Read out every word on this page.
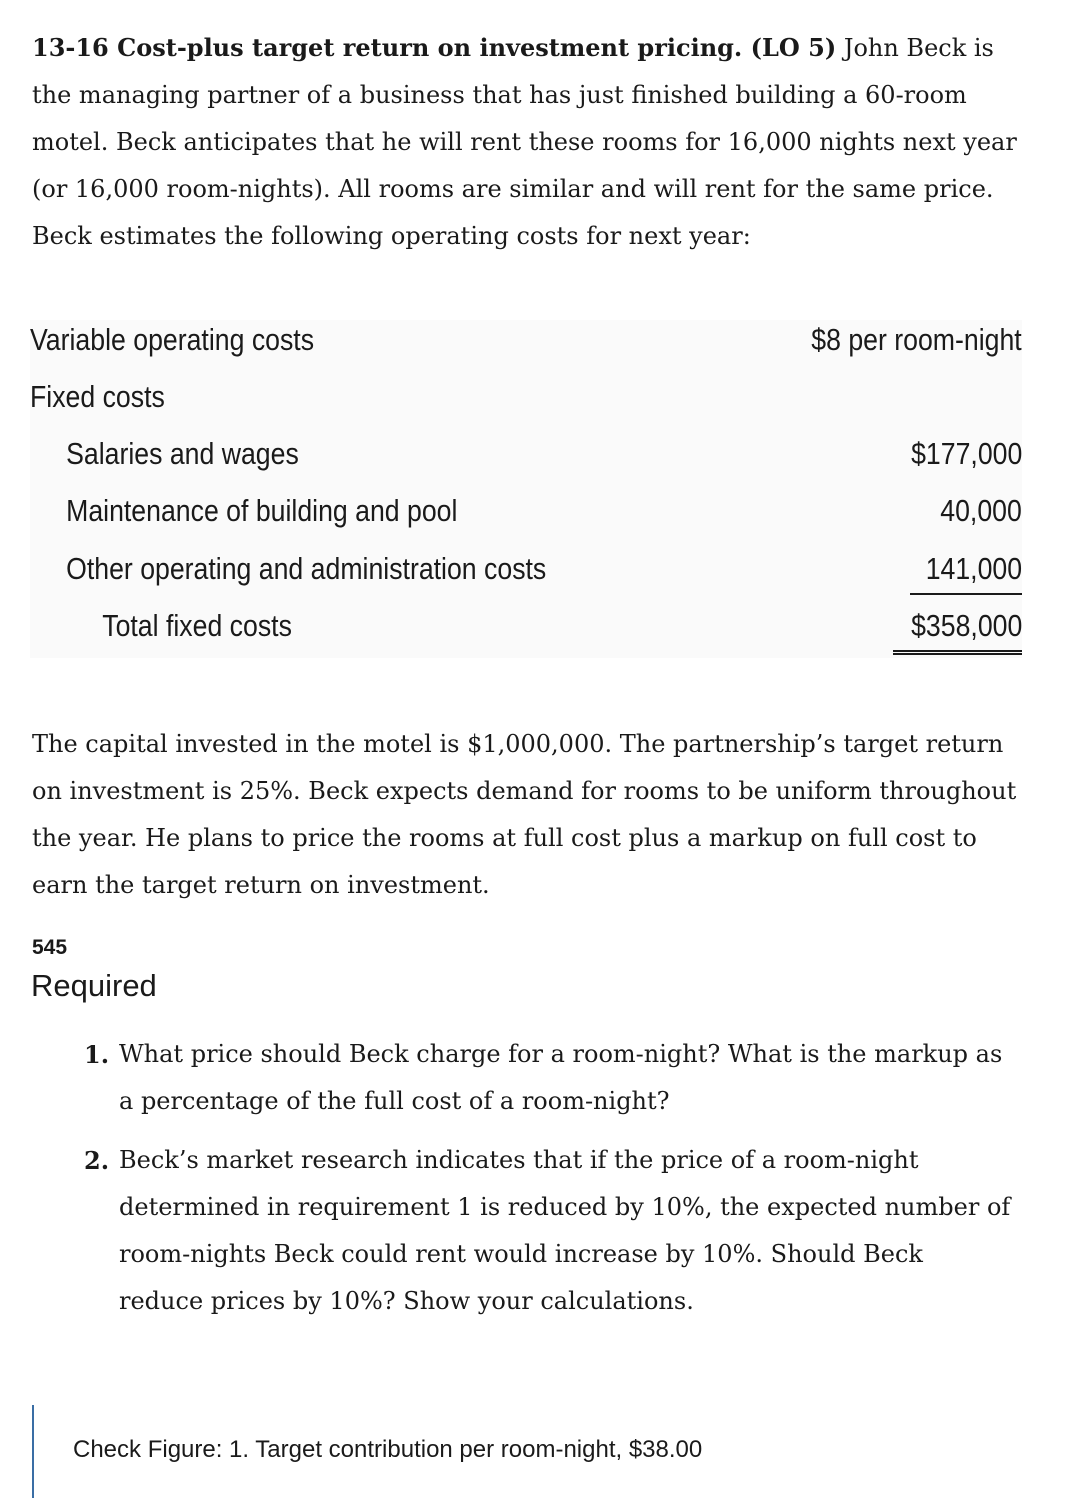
13-16 Cost-plus target return on investment pricing. (LO 5) John Beck is the managing partner of a business that has just finished building a 60-room motel. Beck anticipates that he will rent these rooms for 16,000 nights next year (or 16,000 room-nights). All rooms are similar and will rent for the same price. Beck estimates the following operating costs for next year:

Variable operating costs	$8 per room-night
Fixed costs
Salaries and wages	$177,000
Maintenance of building and pool	40,000
Other operating and administration costs	141,000
Total fixed costs	$358,000

The capital invested in the motel is $1,000,000. The partnership’s target return on investment is 25%. Beck expects demand for rooms to be uniform throughout the year. He plans to price the rooms at full cost plus a markup on full cost to earn the target return on investment.

545
Required
1. What price should Beck charge for a room-night? What is the markup as a percentage of the full cost of a room-night?
2. Beck’s market research indicates that if the price of a room-night determined in requirement 1 is reduced by 10%, the expected number of room-nights Beck could rent would increase by 10%. Should Beck reduce prices by 10%? Show your calculations.
Check Figure: 1. Target contribution per room-night, $38.00
